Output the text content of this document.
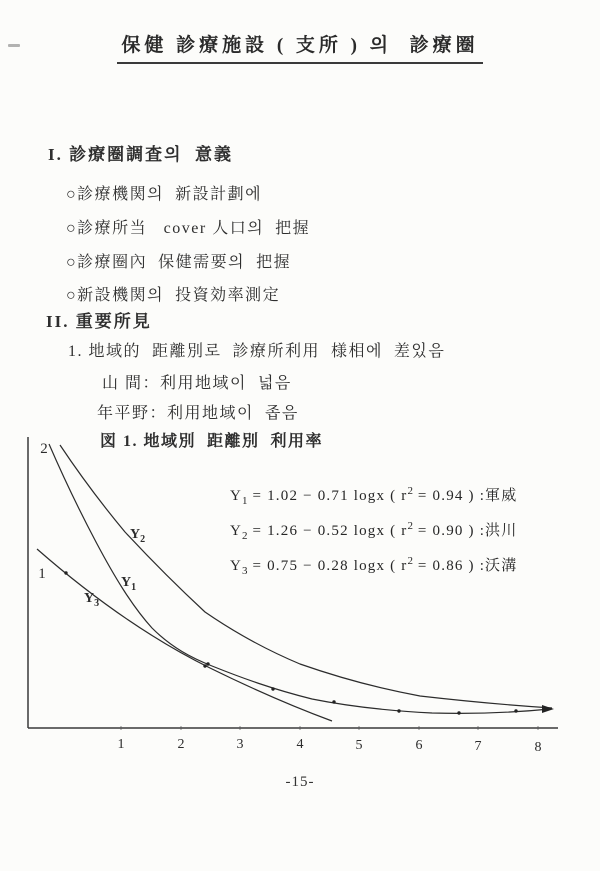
保健 診療施設 ( 支所 ) 의  診療圈
I. 診療圈調査의  意義
○診療機関의  新設計劃에
○診療所当   cover 人口의  把握
○診療圈內  保健需要의  把握
○新設機関의  投資効率測定
II. 重要所見
1. 地域的  距離別로  診療所利用  様相에  差있음
山 間：利用地域이  넓음
年平野：利用地域이  좁음
図 1. 地域別  距離別  利用率
$Y_1 = 1.02 - 0.71$ logx ( $r^2 = 0.94$ ) :軍威
$Y_2 = 1.26 - 0.52$ logx ( $r^2 = 0.90$ ) :洪川
$Y_3 = 0.75 - 0.28$ logx ( $r^2 = 0.86$ ) :沃溝
2
1
1	2	3	4	5	6	7	8
$Y_2$
$Y_1$
$Y_3$
-15-
